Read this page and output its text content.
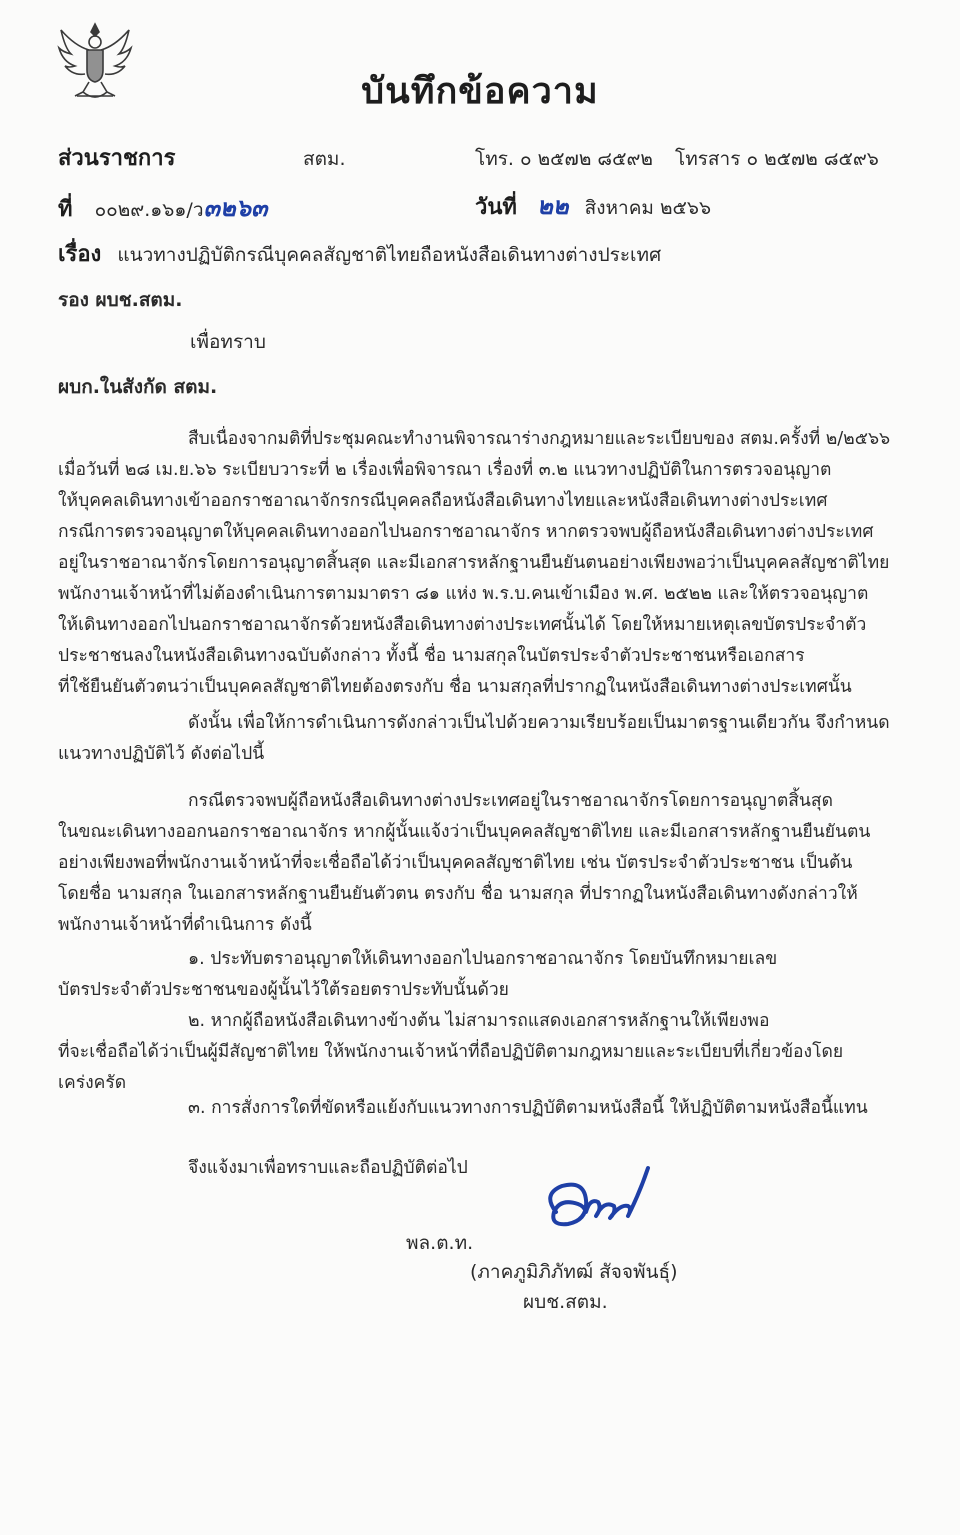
บันทึกข้อความ
ส่วนราชการ	สตม.	โทร. ๐ ๒๕๗๒ ๘๕๙๒ โทรสาร ๐ ๒๕๗๒ ๘๕๙๖
ที่ ๐๐๒๙.๑๖๑/ว๓๒๖๓	วันที่ ๒๒ สิงหาคม ๒๕๖๖
เรื่อง แนวทางปฏิบัติกรณีบุคคลสัญชาติไทยถือหนังสือเดินทางต่างประเทศ
รอง ผบช.สตม.
เพื่อทราบ
ผบก.ในสังกัด สตม.
สืบเนื่องจากมติที่ประชุมคณะทำงานพิจารณาร่างกฎหมายและระเบียบของ สตม.ครั้งที่ ๒/๒๕๖๖
เมื่อวันที่ ๒๘ เม.ย.๖๖ ระเบียบวาระที่ ๒ เรื่องเพื่อพิจารณา เรื่องที่ ๓.๒ แนวทางปฏิบัติในการตรวจอนุญาต
ให้บุคคลเดินทางเข้าออกราชอาณาจักรกรณีบุคคลถือหนังสือเดินทางไทยและหนังสือเดินทางต่างประเทศ
กรณีการตรวจอนุญาตให้บุคคลเดินทางออกไปนอกราชอาณาจักร หากตรวจพบผู้ถือหนังสือเดินทางต่างประเทศ
อยู่ในราชอาณาจักรโดยการอนุญาตสิ้นสุด และมีเอกสารหลักฐานยืนยันตนอย่างเพียงพอว่าเป็นบุคคลสัญชาติไทย
พนักงานเจ้าหน้าที่ไม่ต้องดำเนินการตามมาตรา ๘๑ แห่ง พ.ร.บ.คนเข้าเมือง พ.ศ. ๒๕๒๒ และให้ตรวจอนุญาต
ให้เดินทางออกไปนอกราชอาณาจักรด้วยหนังสือเดินทางต่างประเทศนั้นได้ โดยให้หมายเหตุเลขบัตรประจำตัว
ประชาชนลงในหนังสือเดินทางฉบับดังกล่าว ทั้งนี้ ชื่อ นามสกุลในบัตรประจำตัวประชาชนหรือเอกสาร
ที่ใช้ยืนยันตัวตนว่าเป็นบุคคลสัญชาติไทยต้องตรงกับ ชื่อ นามสกุลที่ปรากฏในหนังสือเดินทางต่างประเทศนั้น
ดังนั้น เพื่อให้การดำเนินการดังกล่าวเป็นไปด้วยความเรียบร้อยเป็นมาตรฐานเดียวกัน จึงกำหนด
แนวทางปฏิบัติไว้ ดังต่อไปนี้
กรณีตรวจพบผู้ถือหนังสือเดินทางต่างประเทศอยู่ในราชอาณาจักรโดยการอนุญาตสิ้นสุด
ในขณะเดินทางออกนอกราชอาณาจักร หากผู้นั้นแจ้งว่าเป็นบุคคลสัญชาติไทย และมีเอกสารหลักฐานยืนยันตน
อย่างเพียงพอที่พนักงานเจ้าหน้าที่จะเชื่อถือได้ว่าเป็นบุคคลสัญชาติไทย เช่น บัตรประจำตัวประชาชน เป็นต้น
โดยชื่อ นามสกุล ในเอกสารหลักฐานยืนยันตัวตน ตรงกับ ชื่อ นามสกุล ที่ปรากฏในหนังสือเดินทางดังกล่าวให้
พนักงานเจ้าหน้าที่ดำเนินการ ดังนี้
๑. ประทับตราอนุญาตให้เดินทางออกไปนอกราชอาณาจักร โดยบันทึกหมายเลข
บัตรประจำตัวประชาชนของผู้นั้นไว้ใต้รอยตราประทับนั้นด้วย
๒. หากผู้ถือหนังสือเดินทางข้างต้น ไม่สามารถแสดงเอกสารหลักฐานให้เพียงพอ
ที่จะเชื่อถือได้ว่าเป็นผู้มีสัญชาติไทย ให้พนักงานเจ้าหน้าที่ถือปฏิบัติตามกฎหมายและระเบียบที่เกี่ยวข้องโดย
เคร่งครัด
๓. การสั่งการใดที่ขัดหรือแย้งกับแนวทางการปฏิบัติตามหนังสือนี้ ให้ปฏิบัติตามหนังสือนี้แทน
จึงแจ้งมาเพื่อทราบและถือปฏิบัติต่อไป
พล.ต.ท.
(ภาคภูมิภิภัทฒ์ สัจจพันธุ์)
ผบช.สตม.
